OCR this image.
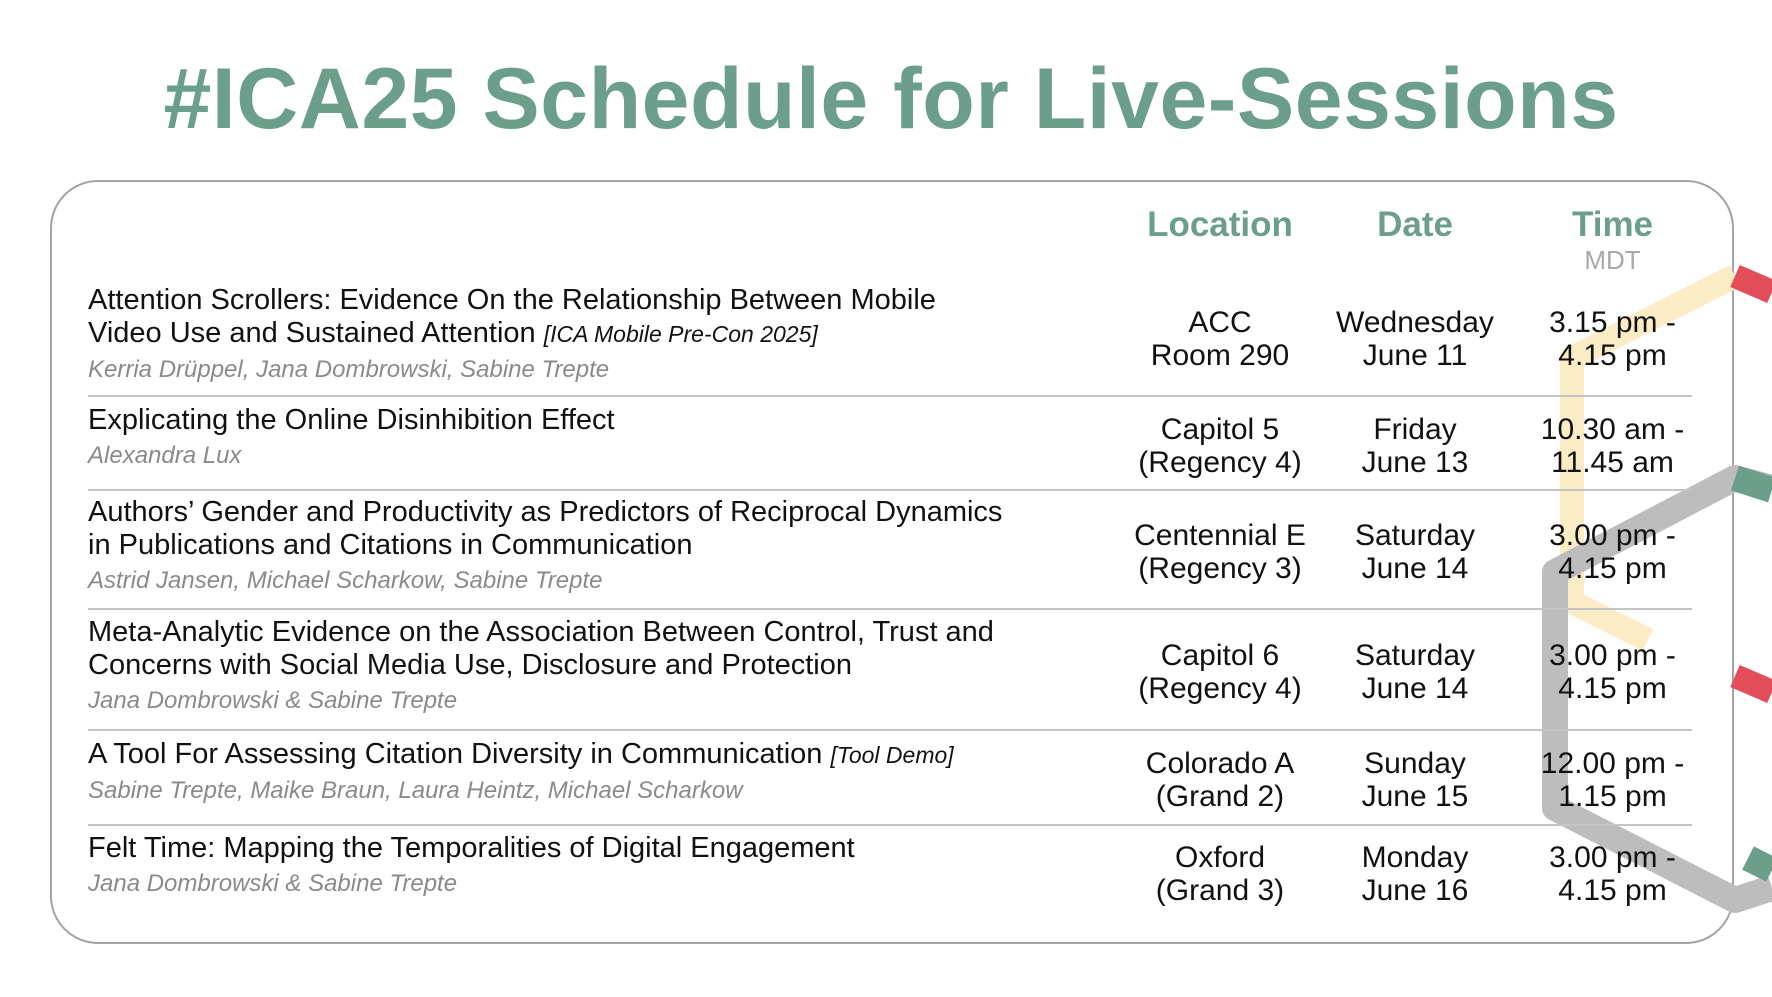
#ICA25 Schedule for Live-Sessions
Location	Date	Time
MDT
Attention Scrollers: Evidence On the Relationship Between Mobile
Video Use and Sustained Attention [ICA Mobile Pre-Con 2025]
Kerria Drüppel, Jana Dombrowski, Sabine Trepte
ACC
Room 290
Wednesday
June 11
3.15 pm -
4.15 pm
Explicating the Online Disinhibition Effect
Alexandra Lux
Capitol 5
(Regency 4)
Friday
June 13
10.30 am -
11.45 am
Authors’ Gender and Productivity as Predictors of Reciprocal Dynamics
in Publications and Citations in Communication
Astrid Jansen, Michael Scharkow, Sabine Trepte
Centennial E
(Regency 3)
Saturday
June 14
3.00 pm -
4.15 pm
Meta-Analytic Evidence on the Association Between Control, Trust and
Concerns with Social Media Use, Disclosure and Protection
Jana Dombrowski & Sabine Trepte
Capitol 6
(Regency 4)
Saturday
June 14
3.00 pm -
4.15 pm
A Tool For Assessing Citation Diversity in Communication [Tool Demo]
Sabine Trepte, Maike Braun, Laura Heintz, Michael Scharkow
Colorado A
(Grand 2)
Sunday
June 15
12.00 pm -
1.15 pm
Felt Time: Mapping the Temporalities of Digital Engagement
Jana Dombrowski & Sabine Trepte
Oxford
(Grand 3)
Monday
June 16
3.00 pm -
4.15 pm
